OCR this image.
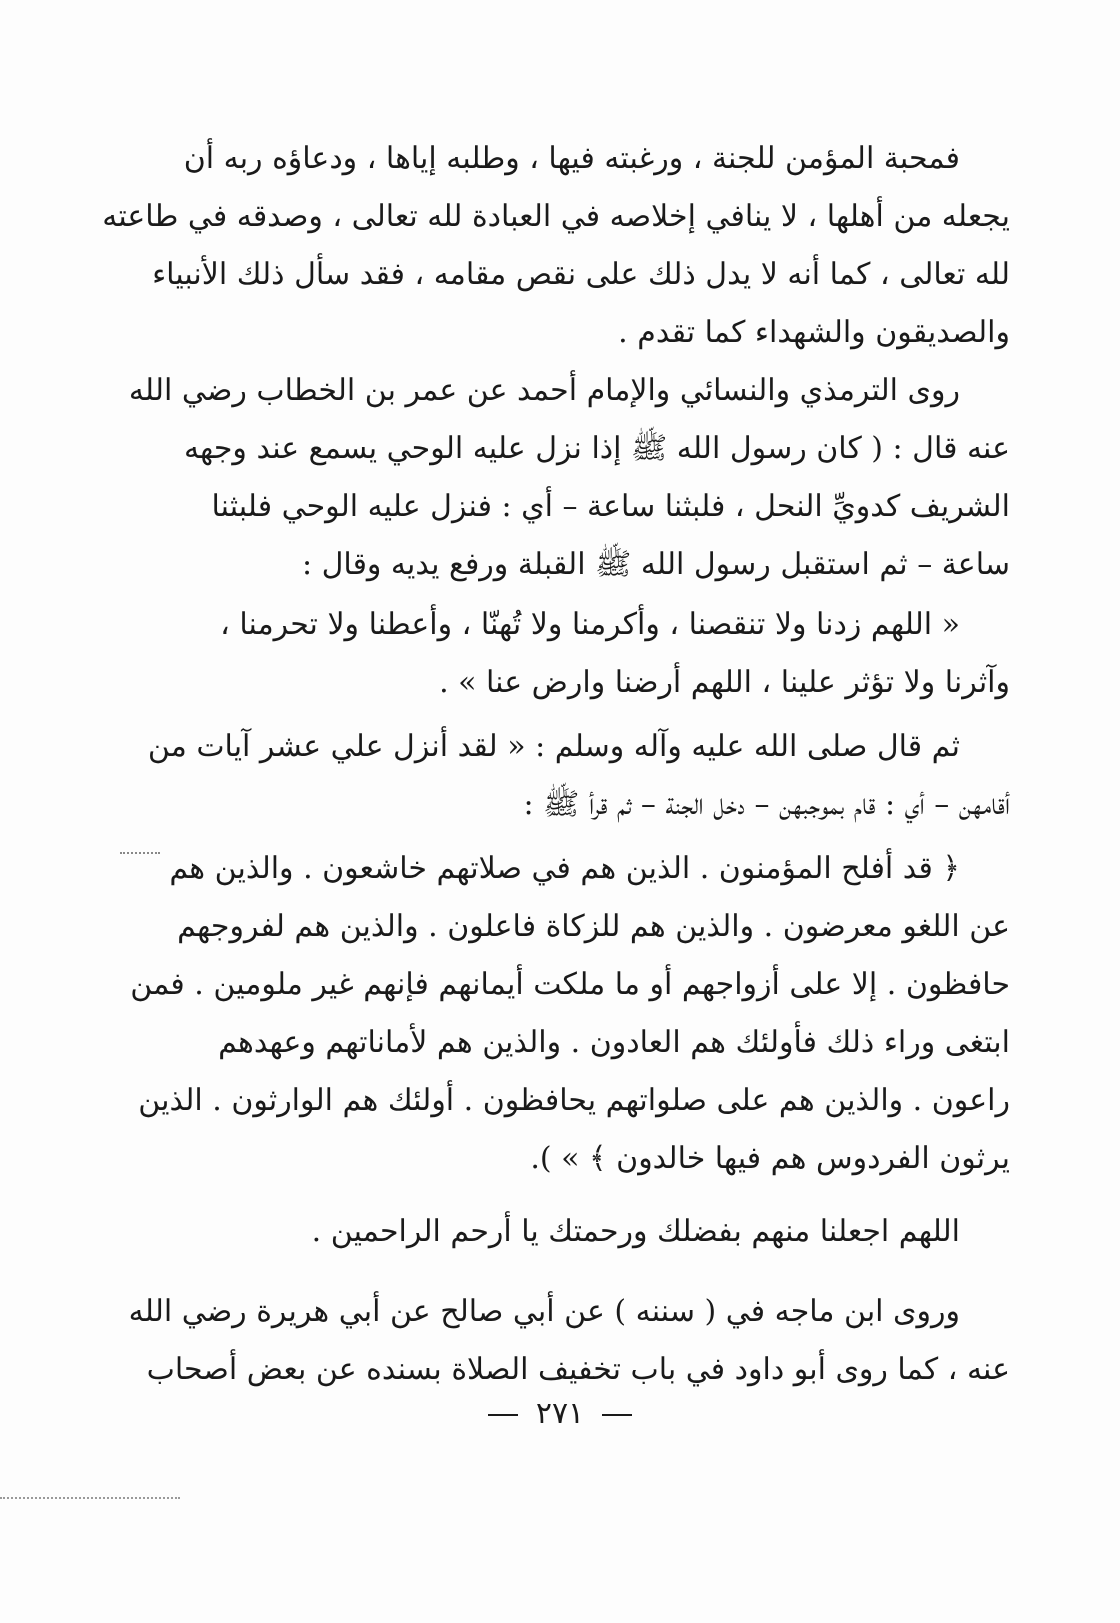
فمحبة المؤمن للجنة ، ورغبته فيها ، وطلبه إياها ، ودعاؤه ربه أن
يجعله من أهلها ، لا ينافي إخلاصه في العبادة لله تعالى ، وصدقه في طاعته
لله تعالى ، كما أنه لا يدل ذلك على نقص مقامه ، فقد سأل ذلك الأنبياء
والصديقون والشهداء كما تقدم .
روى الترمذي والنسائي والإمام أحمد عن عمر بن الخطاب رضي الله
عنه قال : ( كان رسول الله ﷺ إذا نزل عليه الوحي يسمع عند وجهه
الشريف كدويِّ النحل ، فلبثنا ساعة – أي : فنزل عليه الوحي فلبثنا
ساعة – ثم استقبل رسول الله ﷺ القبلة ورفع يديه وقال :
« اللهم زدنا ولا تنقصنا ، وأكرمنا ولا تُهنّا ، وأعطنا ولا تحرمنا ،
وآثرنا ولا تؤثر علينا ، اللهم أرضنا وارض عنا » .
ثم قال صلى الله عليه وآله وسلم : « لقد أنزل علي عشر آيات من
أقامهن – أي : قام بموجبهن – دخل الجنة – ثم قرأ ﷺ :
﴿ قد أفلح المؤمنون . الذين هم في صلاتهم خاشعون . والذين هم
عن اللغو معرضون . والذين هم للزكاة فاعلون . والذين هم لفروجهم
حافظون . إلا على أزواجهم أو ما ملكت أيمانهم فإنهم غير ملومين . فمن
ابتغى وراء ذلك فأولئك هم العادون . والذين هم لأماناتهم وعهدهم
راعون . والذين هم على صلواتهم يحافظون . أولئك هم الوارثون . الذين
يرثون الفردوس هم فيها خالدون ﴾ » ).
اللهم اجعلنا منهم بفضلك ورحمتك يا أرحم الراحمين .
وروى ابن ماجه في ( سننه ) عن أبي صالح عن أبي هريرة رضي الله
عنه ، كما روى أبو داود في باب تخفيف الصلاة بسنده عن بعض أصحاب
٢٧١
